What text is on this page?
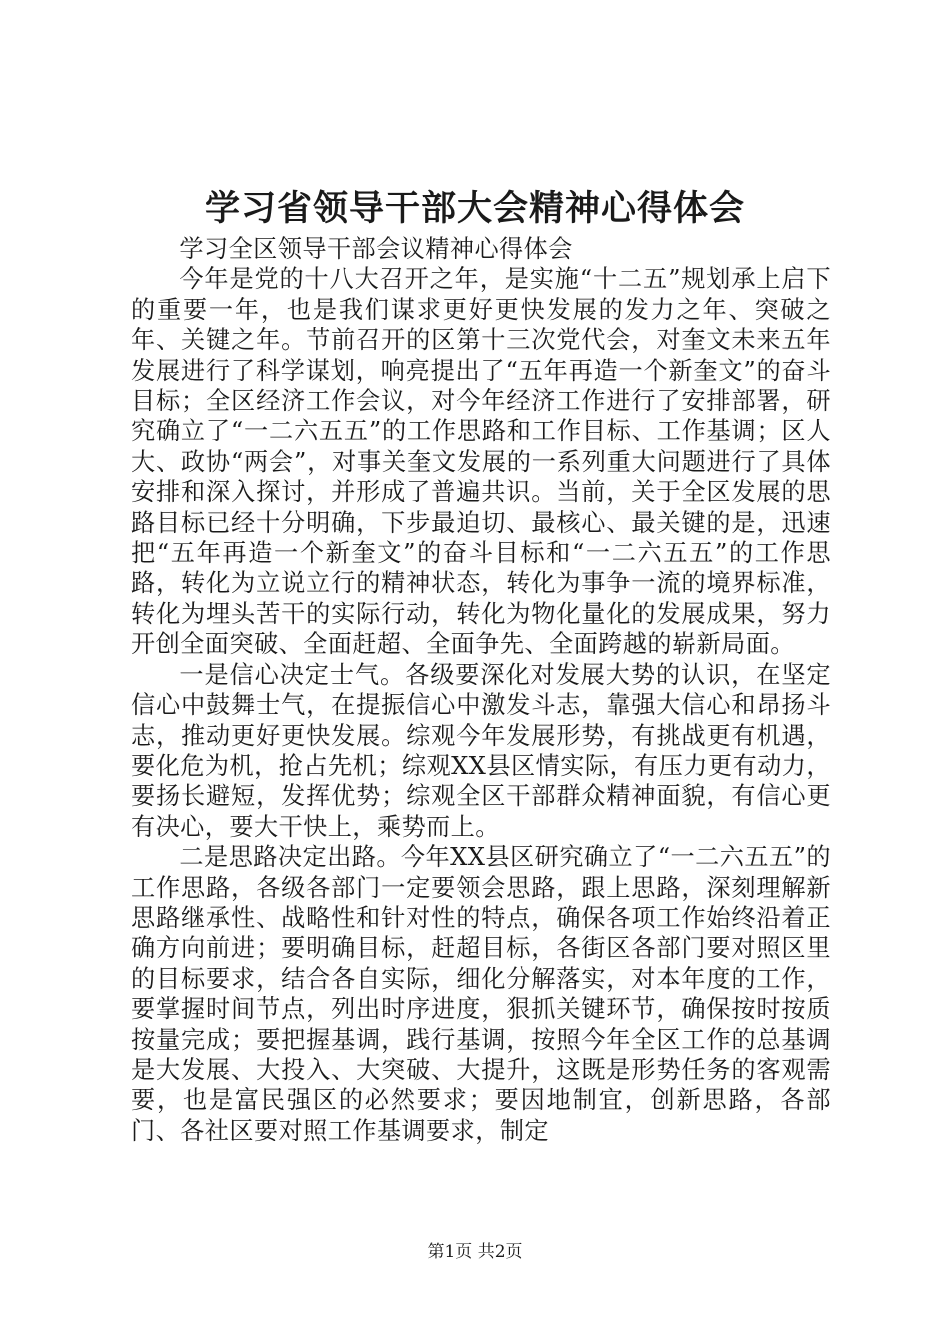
学习省领导干部大会精神心得体会

学习全区领导干部会议精神心得体会

今年是党的十八大召开之年，是实施“十二五”规划承上启下的重要一年，也是我们谋求更好更快发展的发力之年、突破之年、关键之年。节前召开的区第十三次党代会，对奎文未来五年发展进行了科学谋划，响亮提出了“五年再造一个新奎文”的奋斗目标；全区经济工作会议，对今年经济工作进行了安排部署，研究确立了“一二六五五”的工作思路和工作目标、工作基调；区人大、政协“两会”，对事关奎文发展的一系列重大问题进行了具体安排和深入探讨，并形成了普遍共识。当前，关于全区发展的思路目标已经十分明确，下步最迫切、最核心、最关键的是，迅速把“五年再造一个新奎文”的奋斗目标和“一二六五五”的工作思路，转化为立说立行的精神状态，转化为事争一流的境界标准，转化为埋头苦干的实际行动，转化为物化量化的发展成果，努力开创全面突破、全面赶超、全面争先、全面跨越的崭新局面。

一是信心决定士气。各级要深化对发展大势的认识，在坚定信心中鼓舞士气，在提振信心中激发斗志，靠强大信心和昂扬斗志，推动更好更快发展。综观今年发展形势，有挑战更有机遇，要化危为机，抢占先机；综观XX县区情实际，有压力更有动力，要扬长避短，发挥优势；综观全区干部群众精神面貌，有信心更有决心，要大干快上，乘势而上。

二是思路决定出路。今年XX县区研究确立了“一二六五五”的工作思路，各级各部门一定要领会思路，跟上思路，深刻理解新思路继承性、战略性和针对性的特点，确保各项工作始终沿着正确方向前进；要明确目标，赶超目标，各街区各部门要对照区里的目标要求，结合各自实际，细化分解落实，对本年度的工作，要掌握时间节点，列出时序进度，狠抓关键环节，确保按时按质按量完成；要把握基调，践行基调，按照今年全区工作的总基调是大发展、大投入、大突破、大提升，这既是形势任务的客观需要，也是富民强区的必然要求；要因地制宜，创新思路，各部门、各社区要对照工作基调要求，制定

第1页 共2页
